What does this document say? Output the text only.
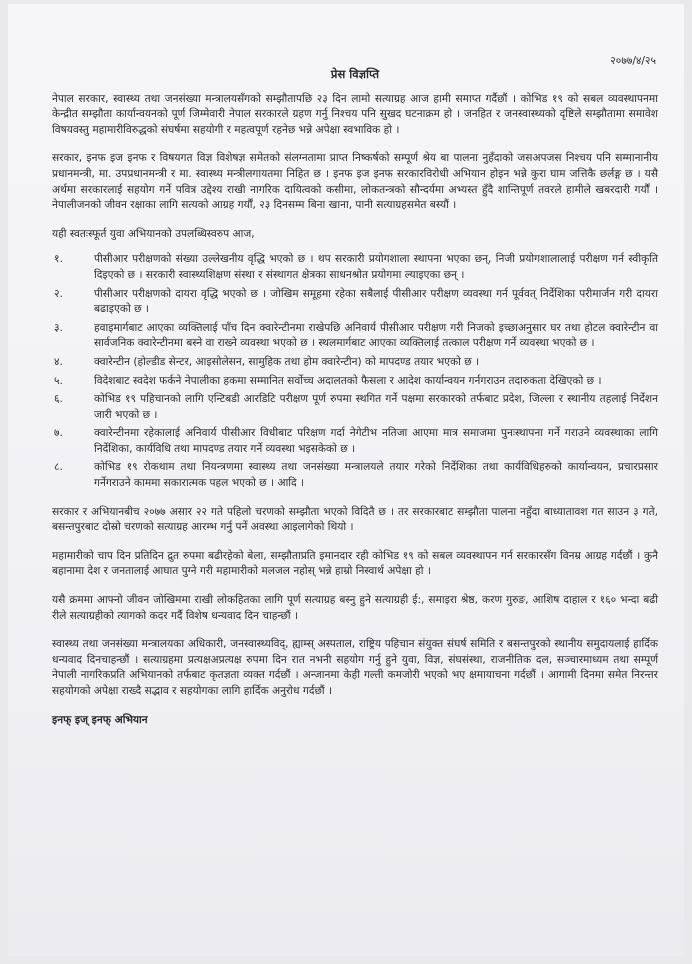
२०७७/४/२५
प्रेस विज्ञप्ति

नेपाल सरकार, स्वास्थ्य तथा जनसंख्या मन्त्रालयसँगको सम्झौतापछि २३ दिन लामो सत्याग्रह आज हामी समाप्त गर्दैछौं । कोभिड १९ को सबल व्यवस्थापनमा केन्द्रीत सम्झौता कार्यान्वयनको पूर्ण जिम्मेवारी नेपाल सरकारले ग्रहण गर्नु निश्चय पनि सुखद घटनाक्रम हो । जनहित र जनस्वास्थ्यको दृष्टिले सम्झौतामा समावेश विषयवस्तु महामारीविरुद्धको संघर्षमा सहयोगी र महत्वपूर्ण रहनेछ भन्ने अपेक्षा स्वभाविक हो ।

सरकार, इनफ इज इनफ र विषयगत विज्ञ विशेषज्ञ समेतको संलग्नतामा प्राप्त निष्कर्षको सम्पूर्ण श्रेय बा पालना नुहँदाको जसअपजस निश्चय पनि सम्मानानीय प्रधानमन्त्री, मा. उपप्रधानमन्त्री र मा. स्वास्थ्य मन्त्रीलगायतमा निहित छ । इनफ इज इनफ सरकारविरोधी अभियान होइन भन्ने कुरा घाम जत्तिकै छर्लङ्ग छ । यसै अर्थमा सरकारलाई सहयोग गर्ने पवित्र उद्देश्य राखी नागरिक दायित्वको कसीमा, लोकतन्त्रको सौन्दर्यमा अभ्यस्त हुँदै शान्तिपूर्ण तवरले हामीले खबरदारी गर्यौं । नेपालीजनको जीवन रक्षाका लागि सत्यको आग्रह गर्यौं, २३ दिनसम्म बिना खाना, पानी सत्याग्रहसमेत बस्यौं ।

यही स्वतःस्फूर्त युवा अभियानको उपलब्धिस्वरुप आज,

१.	पीसीआर परीक्षणको संख्या उल्लेखनीय वृद्धि भएको छ । थप सरकारी प्रयोगशाला स्थापना भएका छन्, निजी प्रयोगशालालाई परीक्षण गर्न स्वीकृति दिइएको छ । सरकारी स्वास्थ्यशिक्षण संस्था र संस्थागत क्षेत्रका साधनश्रोत प्रयोगमा ल्याइएका छन् ।
२.	पीसीआर परीक्षणको दायरा वृद्धि भएको छ । जोखिम समूहमा रहेका सबैलाई पीसीआर परीक्षण व्यवस्था गर्न पूर्ववत् निर्देशिका परीमार्जन गरी दायरा बढाइएको छ ।
३.	हवाइमार्गबाट आएका व्यक्तिलाई पाँच दिन क्वारेन्टीनमा राखेपछि अनिवार्य पीसीआर परीक्षण गरी निजको इच्छाअनुसार घर तथा होटल क्वारेन्टीन वा सार्वजनिक क्वारेन्टीनमा बस्ने वा राख्ने व्यवस्था भएको छ । स्थलमार्गबाट आएका व्यक्तिलाई तत्काल परीक्षण गर्ने व्यवस्था भएको छ ।
४.	क्वारेन्टीन (होल्डीड सेन्टर, आइसोलेसन, सामुहिक तथा होम क्वारेन्टीन) को मापदण्ड तयार भएको छ ।
५.	विदेशबाट स्वदेश फर्कने नेपालीका हकमा सम्मानित सर्वोच्च अदालतको फैसला र आदेश कार्यान्वयन गर्नगराउन तदारुकता देखिएको छ ।
६.	कोभिड १९ पहिचानको लागि एन्टिबडी आरडिटि परीक्षण पूर्ण रुपमा स्थगित गर्ने पक्षमा सरकारको तर्फबाट प्रदेश, जिल्ला र स्थानीय तहलाई निर्देशन जारी भएको छ ।
७.	क्वारेन्टीनमा रहेकालाई अनिवार्य पीसीआर विधीबाट परिक्षण गर्दा नेगेटीभ नतिजा आएमा मात्र समाजमा पुनःस्थापना गर्ने गराउने व्यवस्थाका लागि निर्देशिका, कार्यविधि तथा मापदण्ड तयार गर्ने व्यवस्था भइसकेको छ ।
८.	कोभिड १९ रोकथाम तथा नियन्त्रणमा स्वास्थ्य तथा जनसंख्या मन्त्रालयले तयार गरेको निर्देशिका तथा कार्यविधिहरुको कार्यान्वयन, प्रचारप्रसार गर्नेगराउने काममा सकारात्मक पहल भएको छ । आदि ।

सरकार र अभियानबीच २०७७ असार २२ गते पहिलो चरणको सम्झौता भएको विदितै छ । तर सरकारबाट सम्झौता पालना नहुँदा बाध्यातावश गत साउन ३ गते, बसन्तपुरबाट दोस्रो चरणको सत्याग्रह आरम्भ गर्नु पर्ने अवस्था आइलागेको थियो ।

महामारीको चाप दिन प्रतिदिन द्रुत रुपमा बढीरहेको बेला, सम्झौताप्रति इमानदार रही कोभिड १९ को सबल व्यवस्थापन गर्न सरकारसँग विनम्र आग्रह गर्दछौं । कुनै बहानामा देश र जनतालाई आघात पुग्ने गरी महामारीको मलजल नहोस् भन्ने हाम्रो निस्वार्थ अपेक्षा हो ।

यसै क्रममा आफ्नो जीवन जोखिममा राखी लोकहितका लागि पूर्ण सत्याग्रह बस्नु हुने सत्याग्रही ई:, समाइरा श्रेष्ठ, करण गुरुङ, आशिष दाहाल र १६० भन्दा बढी रीले सत्याग्रहीको त्यागको कदर गर्दै विशेष धन्यवाद दिन चाहन्छौं ।

स्वास्थ्य तथा जनसंख्या मन्त्रालयका अधिकारी, जनस्वास्थ्यविद्, ह्याम्स् अस्पताल, राष्ट्रिय पहिचान संयुक्त संघर्ष समिति र बसन्तपुरको स्थानीय समुदायलाई हार्दिक धन्यवाद दिनचाहन्छौं । सत्याग्रहमा प्रत्यक्षअप्रत्यक्ष रुपमा दिन रात नभनी सहयोग गर्नु हुने युवा, विज्ञ, संघसंस्था, राजनीतिक दल, सञ्चारमाध्यम तथा सम्पूर्ण नेपाली नागरिकप्रति अभियानको तर्फबाट कृतज्ञता व्यक्त गर्दछौं । अन्जानमा केही गल्ती कमजोरी भएको भए क्षमायाचना गर्दछौं । आगामी दिनमा समेत निरन्तर सहयोगको अपेक्षा राख्दै सद्भाव र सहयोगका लागि हार्दिक अनुरोध गर्दछौं ।

इनफ् इज् इनफ् अभियान
